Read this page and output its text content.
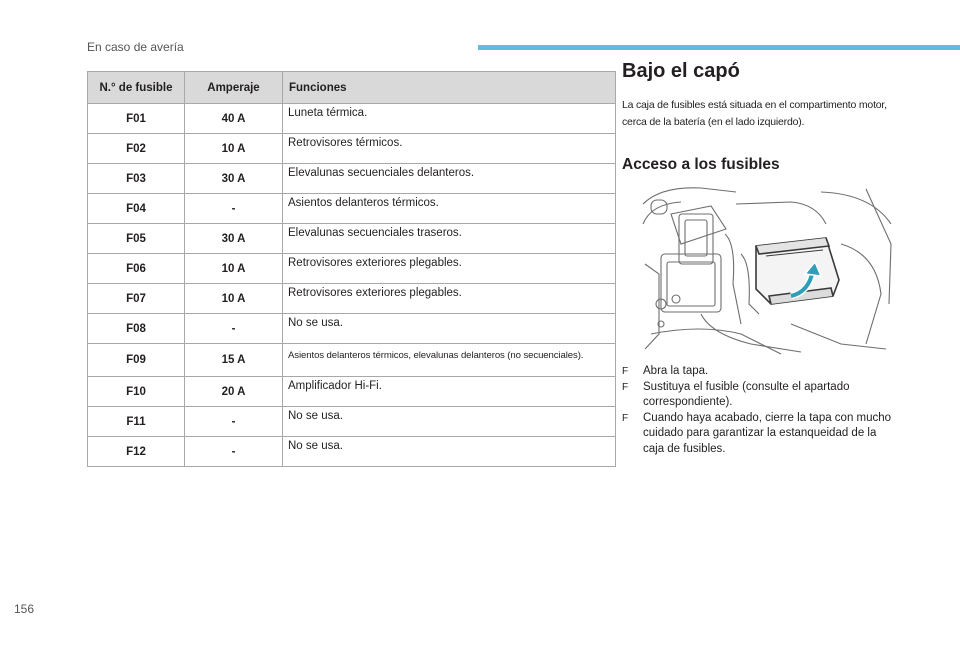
En caso de avería
N.° de fusible	Amperaje	Funciones
F01	40 A	Luneta térmica.
F02	10 A	Retrovisores térmicos.
F03	30 A	Elevalunas secuenciales delanteros.
F04	-	Asientos delanteros térmicos.
F05	30 A	Elevalunas secuenciales traseros.
F06	10 A	Retrovisores exteriores plegables.
F07	10 A	Retrovisores exteriores plegables.
F08	-	No se usa.
F09	15 A	Asientos delanteros térmicos, elevalunas delanteros (no secuenciales).
F10	20 A	Amplificador Hi-Fi.
F11	-	No se usa.
F12	-	No se usa.
Bajo el capó

La caja de fusibles está situada en el compartimento motor, cerca de la batería (en el lado izquierdo).

Acceso a los fusibles
F Abra la tapa.
F Sustituya el fusible (consulte el apartado correspondiente).
F Cuando haya acabado, cierre la tapa con mucho cuidado para garantizar la estanqueidad de la caja de fusibles.
156
